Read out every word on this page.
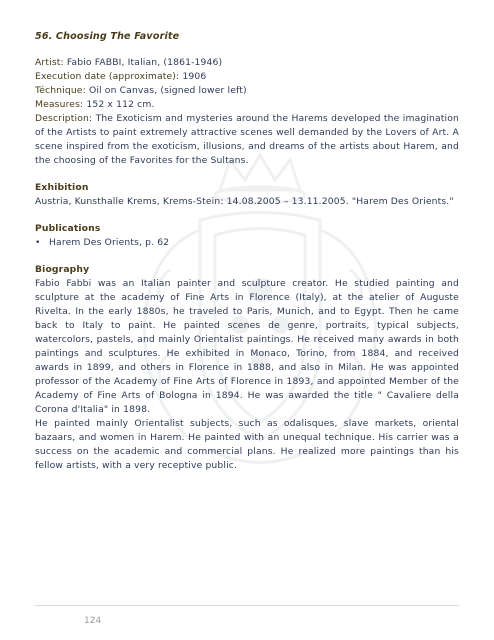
56. Choosing The Favorite

Artist: Fabio FABBI, Italian, (1861-1946)

Execution date (approximate): 1906

Téchnique: Oil on Canvas, (signed lower left)

Measures: 152 x 112 cm.

Description: The Exoticism and mysteries around the Harems developed the imagination of the Artists to paint extremely attractive scenes well demanded by the Lovers of Art. A scene inspired from the exoticism, illusions, and dreams of the artists about Harem, and the choosing of the Favorites for the Sultans.

Exhibition

Austria, Kunsthalle Krems, Krems-Stein: 14.08.2005 – 13.11.2005. "Harem Des Orients."

Publications

• Harem Des Orients, p. 62

Biography

Fabio Fabbi was an Italian painter and sculpture creator. He studied painting and sculpture at the academy of Fine Arts in Florence (Italy), at the atelier of Auguste Rivelta. In the early 1880s, he traveled to Paris, Munich, and to Egypt. Then he came back to Italy to paint. He painted scenes de genre, portraits, typical subjects, watercolors, pastels, and mainly Orientalist paintings. He received many awards in both paintings and sculptures. He exhibited in Monaco, Torino, from 1884, and received awards in 1899, and others in Florence in 1888, and also in Milan. He was appointed professor of the Academy of Fine Arts of Florence in 1893, and appointed Member of the Academy of Fine Arts of Bologna in 1894. He was awarded the title " Cavaliere della Corona d'Italia" in 1898.

He painted mainly Orientalist subjects, such as odalisques, slave markets, oriental bazaars, and women in Harem. He painted with an unequal technique. His carrier was a success on the academic and commercial plans. He realized more paintings than his fellow artists, with a very receptive public.

124
